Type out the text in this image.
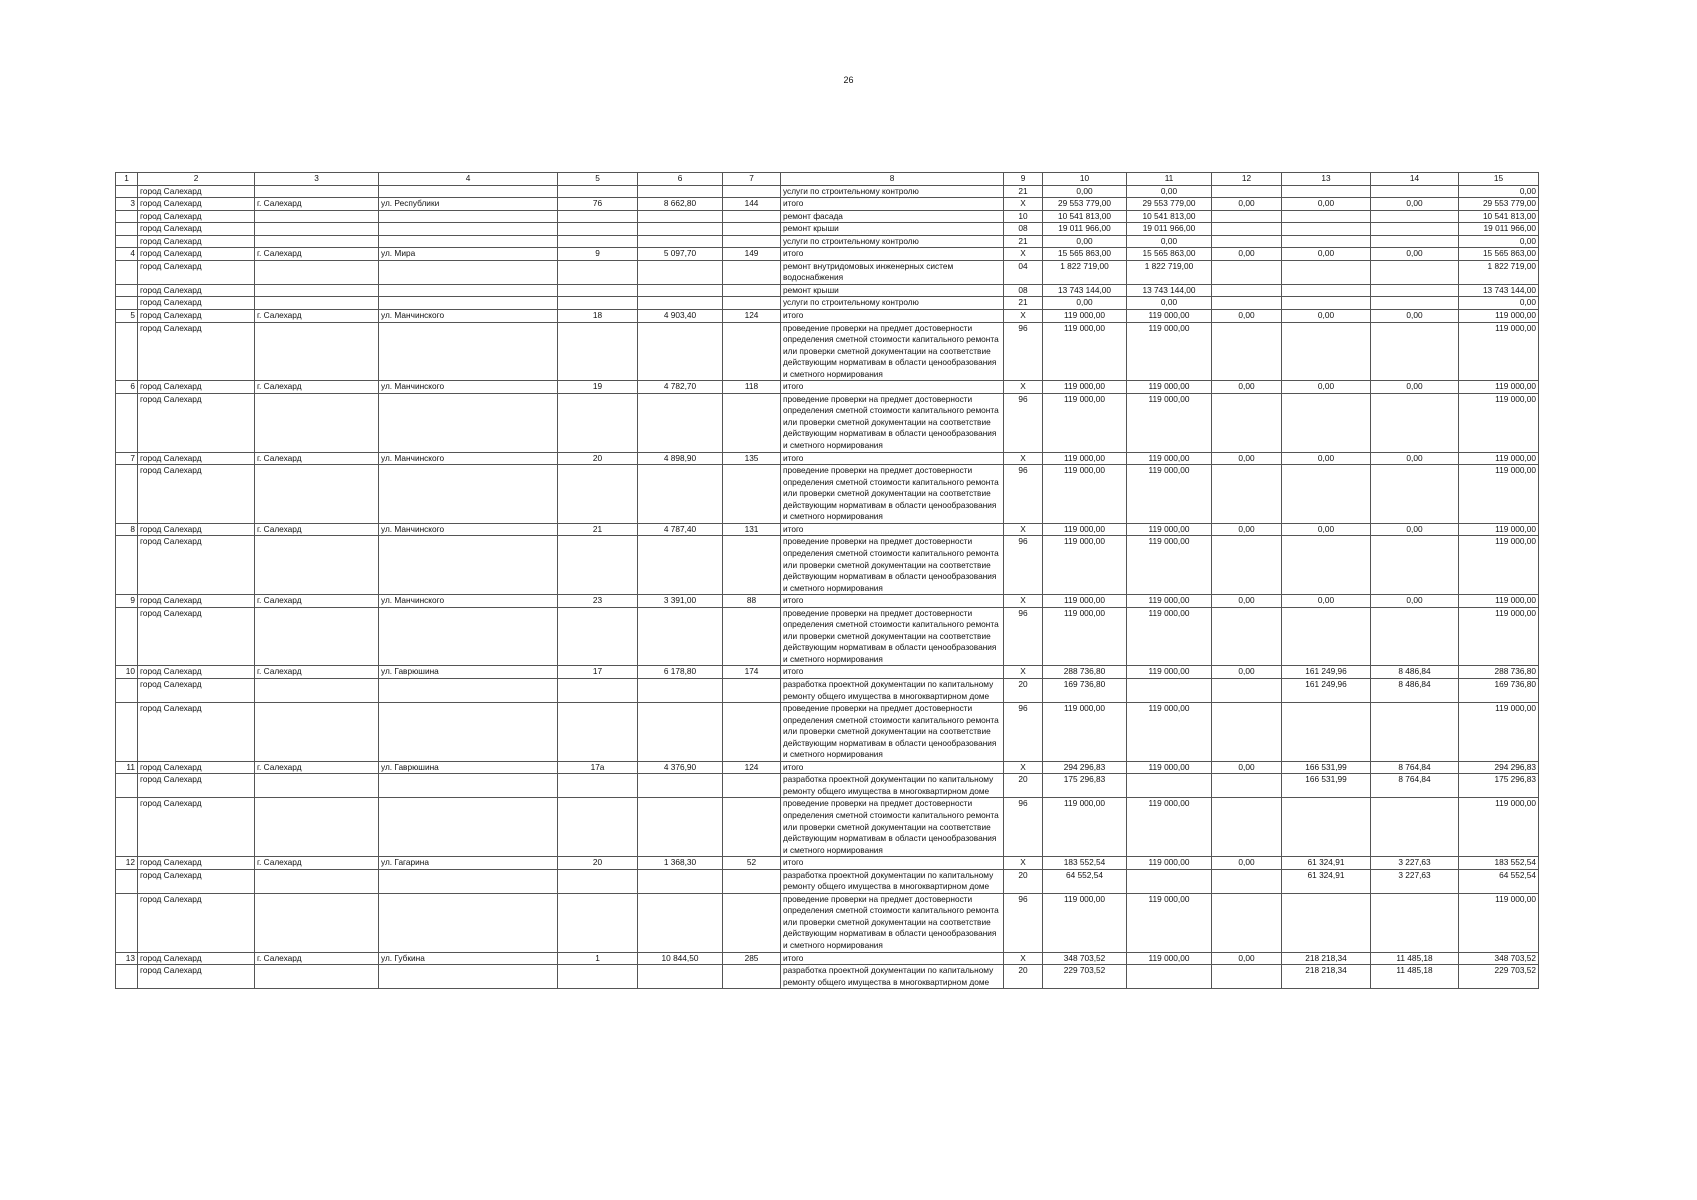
26
1	2	3	4	5	6	7	8	9	10	11	12	13	14	15
	город Салехард						услуги по строительному контролю	21	0,00	0,00				0,00
3	город Салехард	г. Салехард	ул. Республики	76	8 662,80	144	итого	Х	29 553 779,00	29 553 779,00	0,00	0,00	0,00	29 553 779,00
	город Салехард						ремонт фасада	10	10 541 813,00	10 541 813,00				10 541 813,00
	город Салехард						ремонт крыши	08	19 011 966,00	19 011 966,00				19 011 966,00
	город Салехард						услуги по строительному контролю	21	0,00	0,00				0,00
4	город Салехард	г. Салехард	ул. Мира	9	5 097,70	149	итого	Х	15 565 863,00	15 565 863,00	0,00	0,00	0,00	15 565 863,00
	город Салехард						ремонт внутридомовых инженерных систем водоснабжения	04	1 822 719,00	1 822 719,00				1 822 719,00
	город Салехард						ремонт крыши	08	13 743 144,00	13 743 144,00				13 743 144,00
	город Салехард						услуги по строительному контролю	21	0,00	0,00				0,00
5	город Салехард	г. Салехард	ул. Манчинского	18	4 903,40	124	итого	Х	119 000,00	119 000,00	0,00	0,00	0,00	119 000,00
	город Салехард						проведение проверки на предмет достоверности определения сметной стоимости капитального ремонта или проверки сметной документации на соответствие действующим нормативам в области ценообразования и сметного нормирования	96	119 000,00	119 000,00				119 000,00
6	город Салехард	г. Салехард	ул. Манчинского	19	4 782,70	118	итого	Х	119 000,00	119 000,00	0,00	0,00	0,00	119 000,00
	город Салехард						проведение проверки на предмет достоверности определения сметной стоимости капитального ремонта или проверки сметной документации на соответствие действующим нормативам в области ценообразования и сметного нормирования	96	119 000,00	119 000,00				119 000,00
7	город Салехард	г. Салехард	ул. Манчинского	20	4 898,90	135	итого	Х	119 000,00	119 000,00	0,00	0,00	0,00	119 000,00
	город Салехард						проведение проверки на предмет достоверности определения сметной стоимости капитального ремонта или проверки сметной документации на соответствие действующим нормативам в области ценообразования и сметного нормирования	96	119 000,00	119 000,00				119 000,00
8	город Салехард	г. Салехард	ул. Манчинского	21	4 787,40	131	итого	Х	119 000,00	119 000,00	0,00	0,00	0,00	119 000,00
	город Салехард						проведение проверки на предмет достоверности определения сметной стоимости капитального ремонта или проверки сметной документации на соответствие действующим нормативам в области ценообразования и сметного нормирования	96	119 000,00	119 000,00				119 000,00
9	город Салехард	г. Салехард	ул. Манчинского	23	3 391,00	88	итого	Х	119 000,00	119 000,00	0,00	0,00	0,00	119 000,00
	город Салехард						проведение проверки на предмет достоверности определения сметной стоимости капитального ремонта или проверки сметной документации на соответствие действующим нормативам в области ценообразования и сметного нормирования	96	119 000,00	119 000,00				119 000,00
10	город Салехард	г. Салехард	ул. Гаврюшина	17	6 178,80	174	итого	Х	288 736,80	119 000,00	0,00	161 249,96	8 486,84	288 736,80
	город Салехард						разработка проектной документации по капитальному ремонту общего имущества в многоквартирном доме	20	169 736,80			161 249,96	8 486,84	169 736,80
	город Салехард						проведение проверки на предмет достоверности определения сметной стоимости капитального ремонта или проверки сметной документации на соответствие действующим нормативам в области ценообразования и сметного нормирования	96	119 000,00	119 000,00				119 000,00
11	город Салехард	г. Салехард	ул. Гаврюшина	17а	4 376,90	124	итого	Х	294 296,83	119 000,00	0,00	166 531,99	8 764,84	294 296,83
	город Салехард						разработка проектной документации по капитальному ремонту общего имущества в многоквартирном доме	20	175 296,83			166 531,99	8 764,84	175 296,83
	город Салехард						проведение проверки на предмет достоверности определения сметной стоимости капитального ремонта или проверки сметной документации на соответствие действующим нормативам в области ценообразования и сметного нормирования	96	119 000,00	119 000,00				119 000,00
12	город Салехард	г. Салехард	ул. Гагарина	20	1 368,30	52	итого	Х	183 552,54	119 000,00	0,00	61 324,91	3 227,63	183 552,54
	город Салехард						разработка проектной документации по капитальному ремонту общего имущества в многоквартирном доме	20	64 552,54			61 324,91	3 227,63	64 552,54
	город Салехард						проведение проверки на предмет достоверности определения сметной стоимости капитального ремонта или проверки сметной документации на соответствие действующим нормативам в области ценообразования и сметного нормирования	96	119 000,00	119 000,00				119 000,00
13	город Салехард	г. Салехард	ул. Губкина	1	10 844,50	285	итого	Х	348 703,52	119 000,00	0,00	218 218,34	11 485,18	348 703,52
	город Салехард						разработка проектной документации по капитальному ремонту общего имущества в многоквартирном доме	20	229 703,52			218 218,34	11 485,18	229 703,52
